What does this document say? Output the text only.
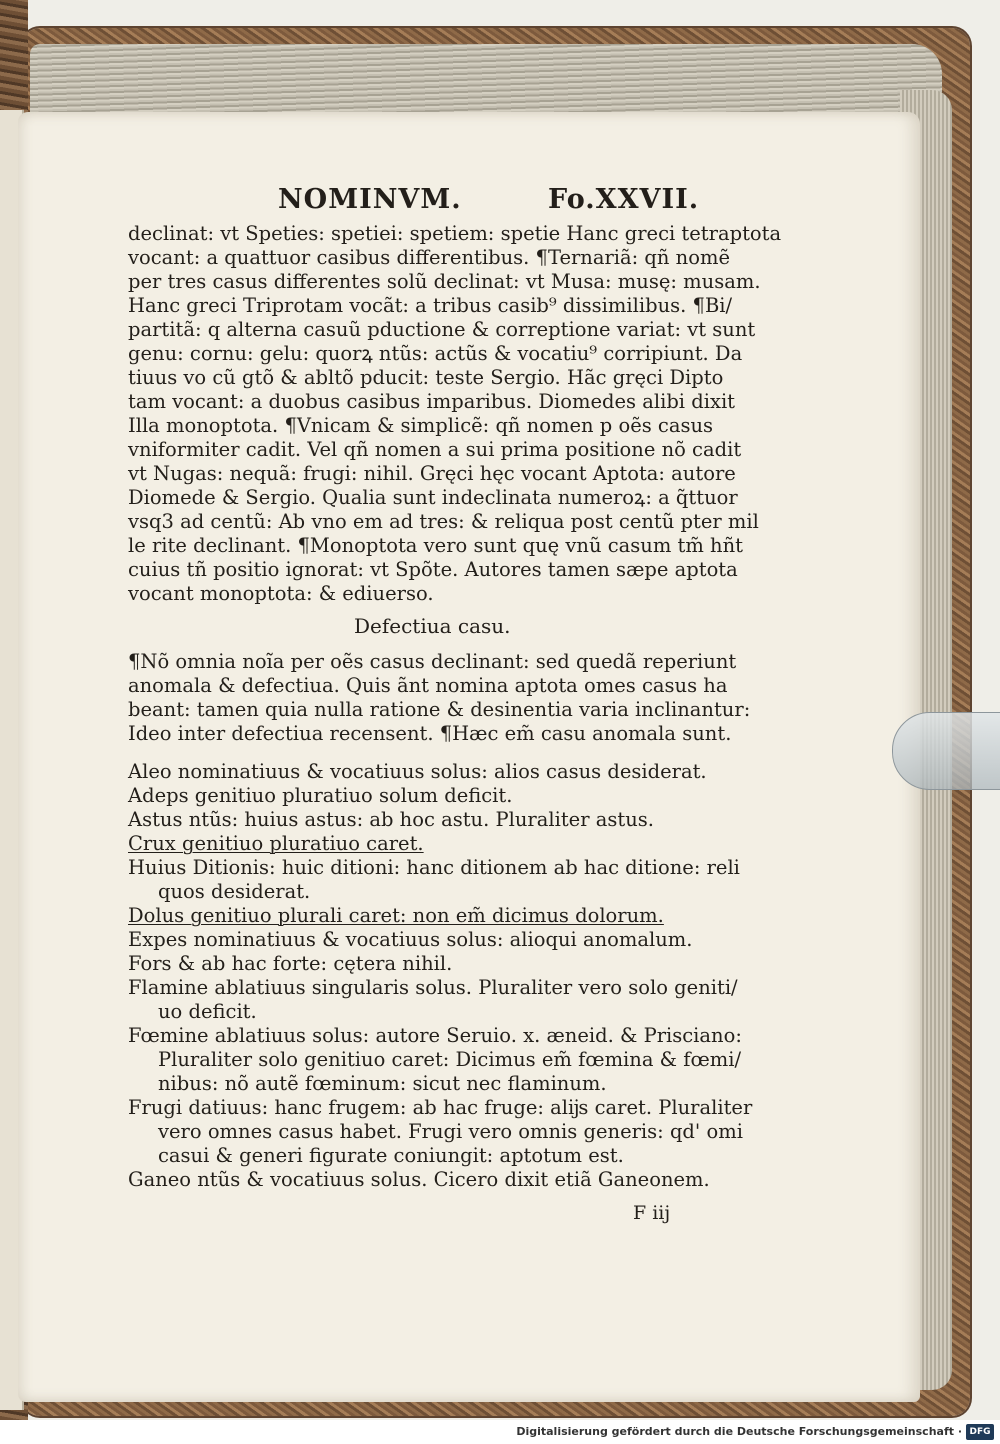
NOMINVM.	Fo.XXVII.
declinat: vt Speties: spetiei: spetiem: spetie Hanc greci tetraptota
vocant: a quattuor casibus differentibus. ¶Ternariã: qñ nomẽ
per tres casus differentes solũ declinat: vt Musa: musę: musam.
Hanc greci Triprotam vocãt: a tribus casib⁹ dissimilibus. ¶Bi/
partitã: q alterna casuũ pductione & correptione variat: vt sunt
genu: cornu: gelu: quorꝝ ntũs: actũs & vocatiu⁹ corripiunt. Da
tiuus vo cũ gtõ & abltõ pducit: teste Sergio. Hãc gręci Dipto
tam vocant: a duobus casibus imparibus. Diomedes alibi dixit
Illa monoptota. ¶Vnicam & simplicẽ: qñ nomen p oẽs casus
vniformiter cadit. Vel qñ nomen a sui prima positione nõ cadit
vt Nugas: nequã: frugi: nihil. Gręci hęc vocant Aptota: autore
Diomede & Sergio. Qualia sunt indeclinata numeroꝝ: a q̃ttuor
vsq3 ad centũ: Ab vno em ad tres: & reliqua post centũ pter mil
le rite declinant. ¶Monoptota vero sunt quę vnũ casum tm̃ hñt
cuius tñ positio ignorat: vt Spõte. Autores tamen sæpe aptota
vocant monoptota: & ediuerso.
Defectiua casu.
¶Nõ omnia noĩa per oẽs casus declinant: sed quedã reperiunt
anomala & defectiua. Quis ãnt nomina aptota omes casus ha
beant: tamen quia nulla ratione & desinentia varia inclinantur:
Ideo inter defectiua recensent. ¶Hæc em̃ casu anomala sunt.
Aleo nominatiuus & vocatiuus solus: alios casus desiderat.
Adeps genitiuo pluratiuo solum deficit.
Astus ntũs: huius astus: ab hoc astu. Pluraliter astus.
Crux genitiuo pluratiuo caret.
Huius Ditionis: huic ditioni: hanc ditionem ab hac ditione: reli
quos desiderat.
Dolus genitiuo plurali caret: non em̃ dicimus dolorum.
Expes nominatiuus & vocatiuus solus: alioqui anomalum.
Fors & ab hac forte: cętera nihil.
Flamine ablatiuus singularis solus. Pluraliter vero solo geniti/
uo deficit.
Fœmine ablatiuus solus: autore Seruio. x. æneid. & Prisciano:
Pluraliter solo genitiuo caret: Dicimus em̃ fœmina & fœmi/
nibus: nõ autẽ fœminum: sicut nec flaminum.
Frugi datiuus: hanc frugem: ab hac fruge: alĳs caret. Pluraliter
vero omnes casus habet. Frugi vero omnis generis: qd' omi
casui & generi figurate coniungit: aptotum est.
Ganeo ntũs & vocatiuus solus. Cicero dixit etiã Ganeonem.
F iij
Digitalisierung gefördert durch die Deutsche Forschungsgemeinschaft · DFG
